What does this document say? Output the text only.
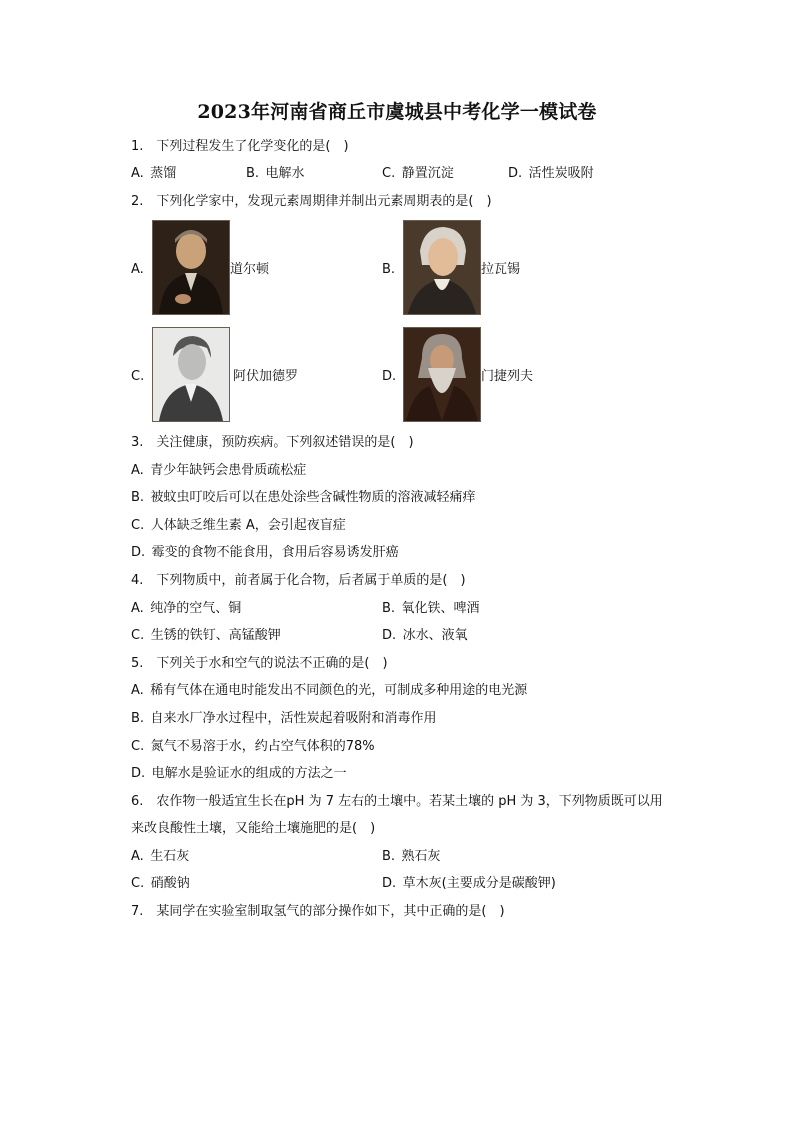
2023年河南省商丘市虞城县中考化学一模试卷
1.　下列过程发生了化学变化的是(　)
A. 蒸馏	B. 电解水	C. 静置沉淀	D. 活性炭吸附
2.　下列化学家中，发现元素周期律并制出元素周期表的是(　)
A.	道尔顿	B.	拉瓦锡
C.	阿伏加德罗	D.	门捷列夫
3.　关注健康，预防疾病。下列叙述错误的是(　)
A. 青少年缺钙会患骨质疏松症
B. 被蚊虫叮咬后可以在患处涂些含碱性物质的溶液减轻痛痒
C. 人体缺乏维生素 A，会引起夜盲症
D. 霉变的食物不能食用，食用后容易诱发肝癌
4.　下列物质中，前者属于化合物，后者属于单质的是(　)
A. 纯净的空气、铜	B. 氧化铁、啤酒
C. 生锈的铁钉、高锰酸钾	D. 冰水、液氧
5.　下列关于水和空气的说法不正确的是(　)
A. 稀有气体在通电时能发出不同颜色的光，可制成多种用途的电光源
B. 自来水厂净水过程中，活性炭起着吸附和消毒作用
C. 氮气不易溶于水，约占空气体积的78%
D. 电解水是验证水的组成的方法之一
6.　农作物一般适宜生长在pH 为 7 左右的土壤中。若某土壤的 pH 为 3，下列物质既可以用
来改良酸性土壤，又能给土壤施肥的是(　)
A. 生石灰	B. 熟石灰
C. 硝酸钠	D. 草木灰(主要成分是碳酸钾)
7.　某同学在实验室制取氢气的部分操作如下，其中正确的是(　)
